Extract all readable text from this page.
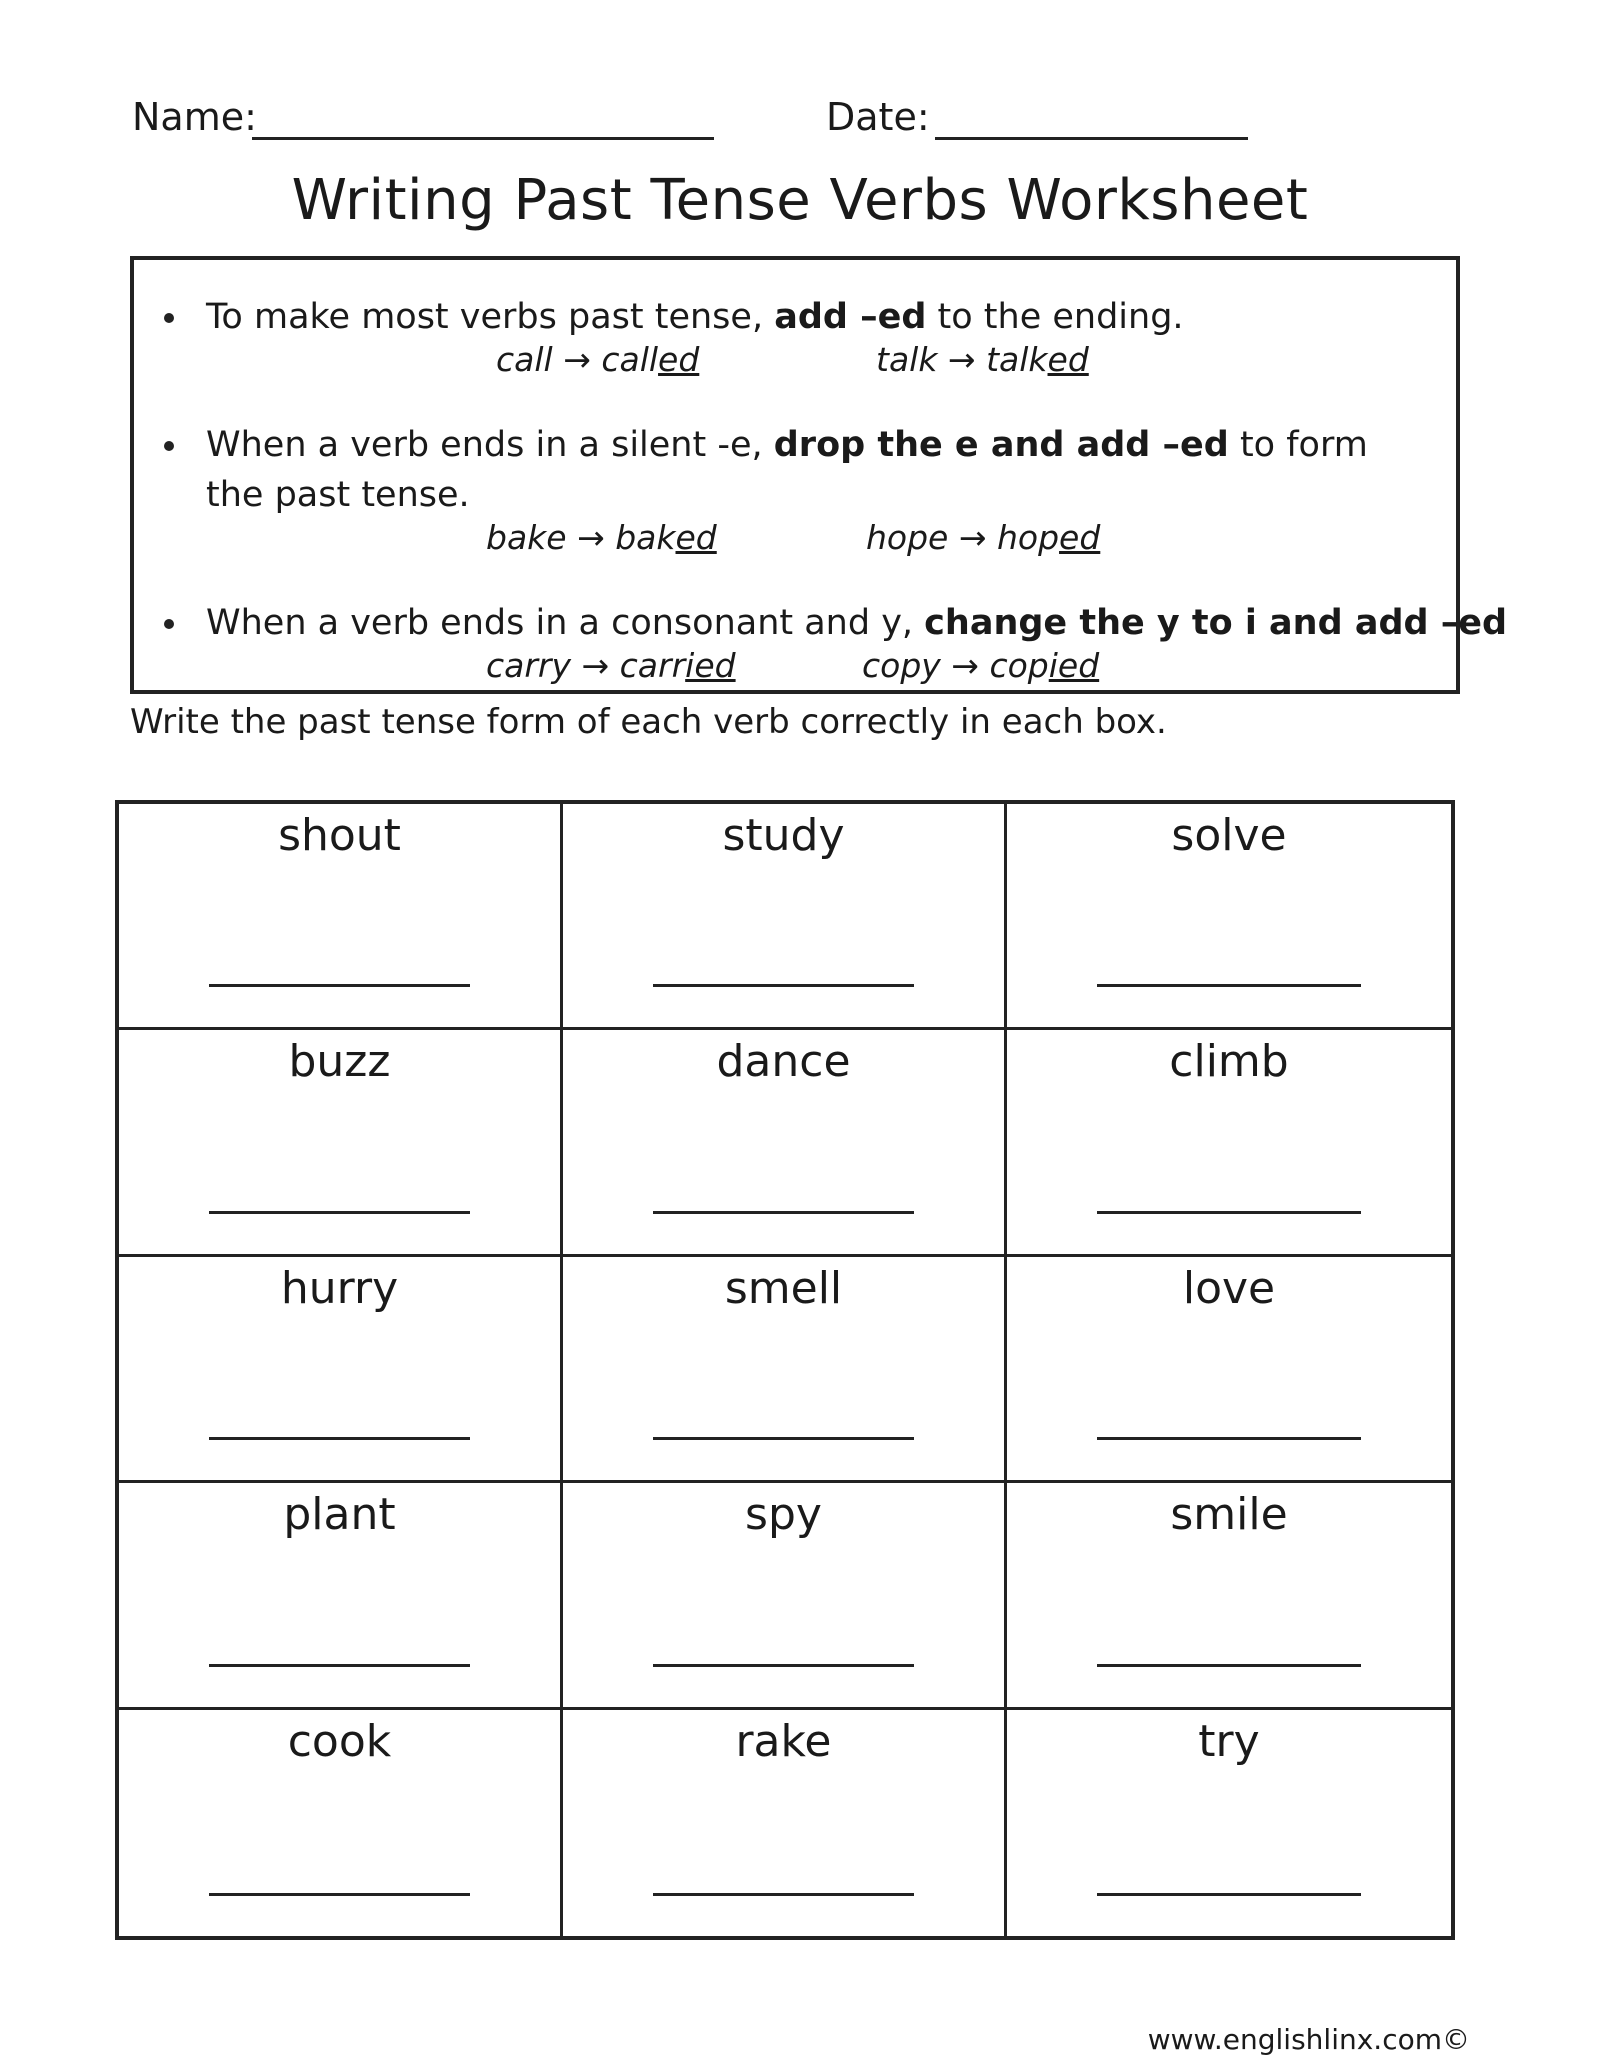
Name:	Date:
Writing Past Tense Verbs Worksheet
To make most verbs past tense, add –ed to the ending.
call → called	talk → talked
When a verb ends in a silent -e, drop the e and add –ed to form the past tense.
bake → baked	hope → hoped
When a verb ends in a consonant and y, change the y to i and add –ed
carry → carried	copy → copied
Write the past tense form of each verb correctly in each box.
shout	study	solve
buzz	dance	climb
hurry	smell	love
plant	spy	smile
cook	rake	try
www.englishlinx.com©
